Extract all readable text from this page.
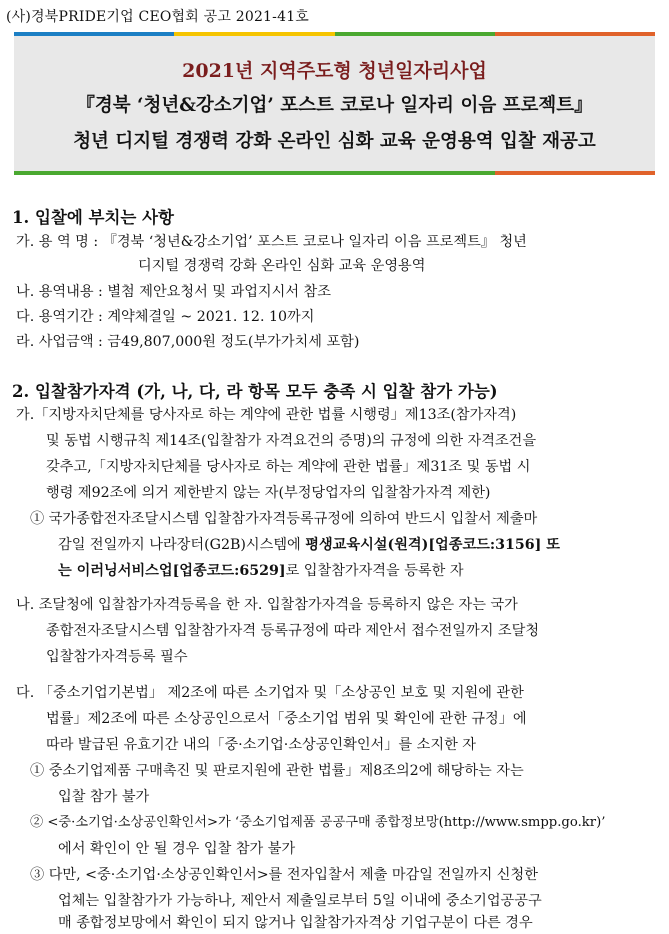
(사)경북PRIDE기업 CEO협회 공고 2021-41호
2021년 지역주도형 청년일자리사업
『경북 ‘청년&강소기업’ 포스트 코로나 일자리 이음 프로젝트』
청년 디지털 경쟁력 강화 온라인 심화 교육 운영용역 입찰 재공고
1. 입찰에 부치는 사항
가. 용 역 명 : 『경북 ‘청년&강소기업’ 포스트 코로나 일자리 이음 프로젝트』 청년
디지털 경쟁력 강화 온라인 심화 교육 운영용역
나. 용역내용 : 별첨 제안요청서 및 과업지시서 참조
다. 용역기간 : 계약체결일 ~ 2021. 12. 10까지
라. 사업금액 : 금49,807,000원 정도(부가가치세 포함)
2. 입찰참가자격 (가, 나, 다, 라 항목 모두 충족 시 입찰 참가 가능)
가.「지방자치단체를 당사자로 하는 계약에 관한 법률 시행령」제13조(참가자격)
및 동법 시행규칙 제14조(입찰참가 자격요건의 증명)의 규정에 의한 자격조건을
갖추고,「지방자치단체를 당사자로 하는 계약에 관한 법률」제31조 및 동법 시
행령 제92조에 의거 제한받지 않는 자(부정당업자의 입찰참가자격 제한)
① 국가종합전자조달시스템 입찰참가자격등록규정에 의하여 반드시 입찰서 제출마
감일 전일까지 나라장터(G2B)시스템에 평생교육시설(원격)[업종코드:3156] 또
는 이러닝서비스업[업종코드:6529]로 입찰참가자격을 등록한 자
나. 조달청에 입찰참가자격등록을 한 자. 입찰참가자격을 등록하지 않은 자는 국가
종합전자조달시스템 입찰참가자격 등록규정에 따라 제안서 접수전일까지 조달청
입찰참가자격등록 필수
다. 「중소기업기본법」 제2조에 따른 소기업자 및「소상공인 보호 및 지원에 관한
법률」제2조에 따른 소상공인으로서「중소기업 범위 및 확인에 관한 규정」에
따라 발급된 유효기간 내의「중·소기업·소상공인확인서」를 소지한 자
① 중소기업제품 구매촉진 및 판로지원에 관한 법률」제8조의2에 해당하는 자는
입찰 참가 불가
② <중·소기업·소상공인확인서>가 ‘중소기업제품 공공구매 종합정보망(http://www.smpp.go.kr)’
에서 확인이 안 될 경우 입찰 참가 불가
③ 다만, <중·소기업·소상공인확인서>를 전자입찰서 제출 마감일 전일까지 신청한
업체는 입찰참가가 가능하나, 제안서 제출일로부터 5일 이내에 중소기업공공구
매 종합정보망에서 확인이 되지 않거나 입찰참가자격상 기업구분이 다른 경우
